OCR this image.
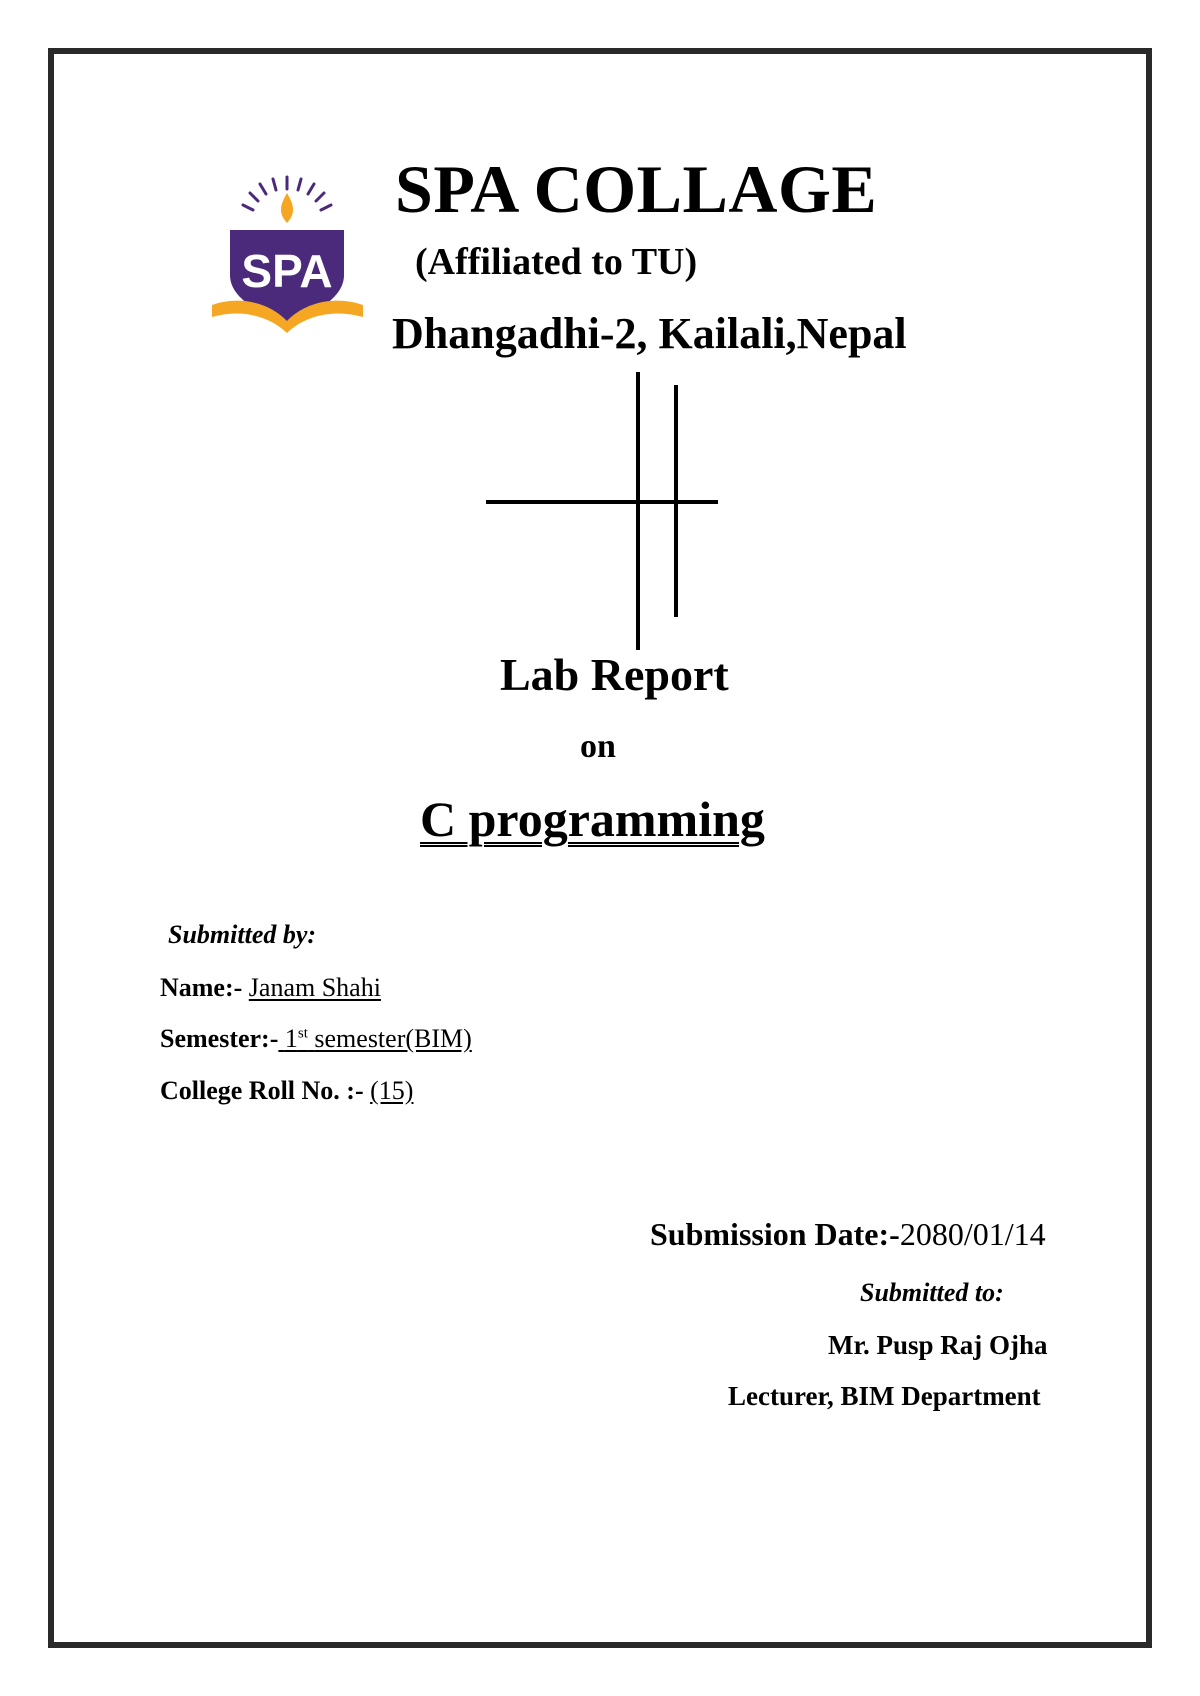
SPA
SPA COLLAGE
(Affiliated to TU)
Dhangadhi-2, Kailali,Nepal
Lab Report
on
C programming
Submitted by:
Name:- Janam Shahi
Semester:- 1st semester(BIM)
College Roll No. :- (15)
Submission Date:-2080/01/14
Submitted to:
Mr. Pusp Raj Ojha
Lecturer, BIM Department
